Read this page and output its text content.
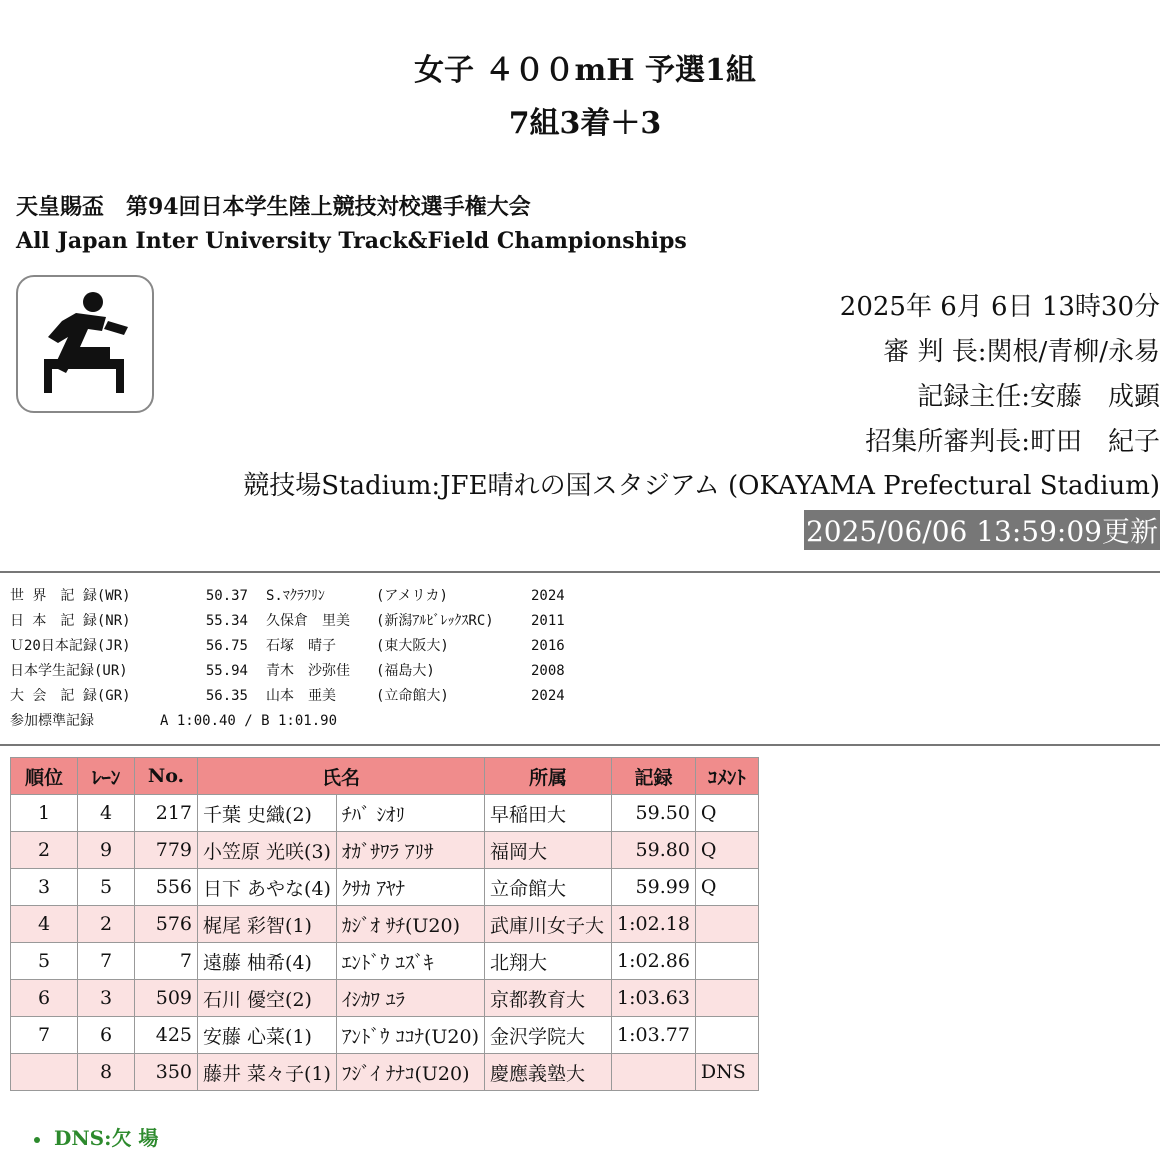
女子 ４００mH 予選1組
7組3着＋3
天皇賜盃　第94回日本学生陸上競技対校選手権大会
All Japan Inter University Track&Field Championships
2025年 6月 6日 13時30分
審 判 長:関根/青柳/永易
記録主任:安藤　成顕
招集所審判長:町田　紀子
競技場Stadium:JFE晴れの国スタジアム (OKAYAMA Prefectural Stadium)
2025/06/06 13:59:09更新
世 界　記 録(WR)	50.37 S.ﾏｸﾗﾌﾘﾝ	(アメリカ)	2024
日 本　記 録(NR)	55.34 久保倉　里美 (新潟ｱﾙﾋﾞﾚｯｸｽRC)	2011
Ｕ20日本記録(JR)	56.75 石塚　晴子	(東大阪大)	2016
日本学生記録(UR)	55.94 青木　沙弥佳 (福島大)	2008
大 会　記 録(GR)	56.35 山本　亜美	(立命館大)	2024
参加標準記録	A 1:00.40 / B 1:01.90
順位	ﾚｰﾝ	No.	氏名		所属	記録	ｺﾒﾝﾄ
1	4	217	千葉 史織(2)	ﾁﾊﾞ ｼｵﾘ	早稲田大	59.50	Q
2	9	779	小笠原 光咲(3)	ｵｶﾞｻﾜﾗ ｱﾘｻ	福岡大	59.80	Q
3	5	556	日下 あやな(4)	ｸｻｶ ｱﾔﾅ	立命館大	59.99	Q
4	2	576	梶尾 彩智(1)	ｶｼﾞｵ ｻﾁ(U20)	武庫川女子大	1:02.18	
5	7	7	遠藤 柚希(4)	ｴﾝﾄﾞｳ ﾕｽﾞｷ	北翔大	1:02.86	
6	3	509	石川 優空(2)	ｲｼｶﾜ ﾕﾗ	京都教育大	1:03.63	
7	6	425	安藤 心菜(1)	ｱﾝﾄﾞｳ ｺｺﾅ(U20)	金沢学院大	1:03.77	
	8	350	藤井 菜々子(1)	ﾌｼﾞｲ ﾅﾅｺ(U20)	慶應義塾大		DNS
DNS:欠 場
